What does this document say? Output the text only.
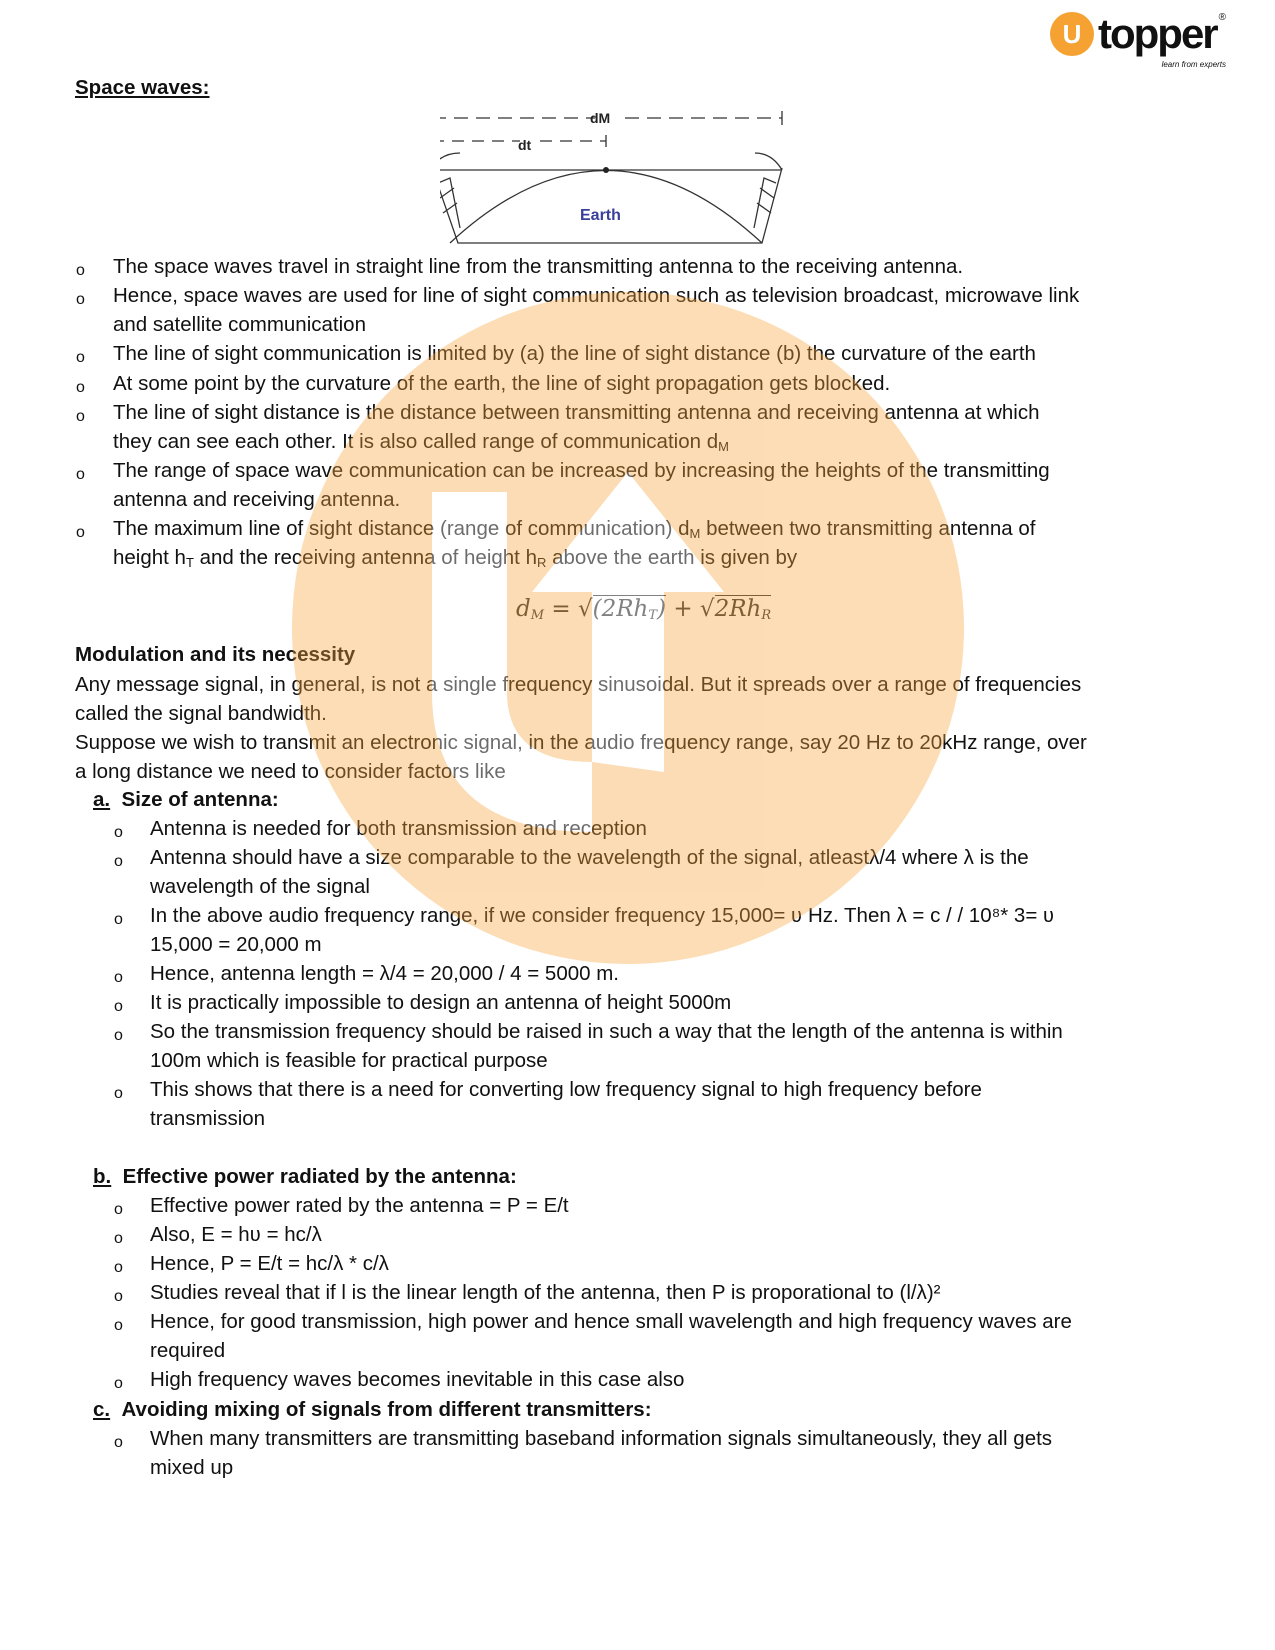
U topper ®
learn from experts
Space waves:
dM
dt
Earth
o The space waves travel in straight line from the transmitting antenna to the receiving antenna.
o Hence, space waves are used for line of sight communication such as television broadcast, microwave link
and satellite communication
o The line of sight communication is limited by (a) the line of sight distance (b) the curvature of the earth
o At some point by the curvature of the earth, the line of sight propagation gets blocked.
o The line of sight distance is the distance between transmitting antenna and receiving antenna at which
they can see each other. It is also called range of communication $d_M$
o The range of space wave communication can be increased by increasing the heights of the transmitting
antenna and receiving antenna.
o The maximum line of sight distance (range of communication) $d_M$ between two transmitting antenna of
height $h_T$ and the receiving antenna of height $h_R$ above the earth is given by
$d_M = √(2Rh_T) + √2Rh_R$
Modulation and its necessity
Any message signal, in general, is not a single frequency sinusoidal. But it spreads over a range of frequencies
called the signal bandwidth.
Suppose we wish to transmit an electronic signal, in the audio frequency range, say 20 Hz to 20kHz range, over
a long distance we need to consider factors like
a. Size of antenna:
o Antenna is needed for both transmission and reception
o Antenna should have a size comparable to the wavelength of the signal, atleastλ/4 where λ is the
wavelength of the signal
o In the above audio frequency range, if we consider frequency 15,000= ʋ Hz. Then λ = c / / 10⁸* 3= ʋ
15,000 = 20,000 m
o Hence, antenna length = λ/4 = 20,000 / 4 = 5000 m.
o It is practically impossible to design an antenna of height 5000m
o So the transmission frequency should be raised in such a way that the length of the antenna is within
100m which is feasible for practical purpose
o This shows that there is a need for converting low frequency signal to high frequency before
transmission
b. Effective power radiated by the antenna:
o Effective power rated by the antenna = P = E/t
o Also, E = hʋ = hc/λ
o Hence, P = E/t = hc/λ * c/λ
o Studies reveal that if l is the linear length of the antenna, then P is proporational to (l/λ)²
o Hence, for good transmission, high power and hence small wavelength and high frequency waves are
required
o High frequency waves becomes inevitable in this case also
c. Avoiding mixing of signals from different transmitters:
o When many transmitters are transmitting baseband information signals simultaneously, they all gets
mixed up
